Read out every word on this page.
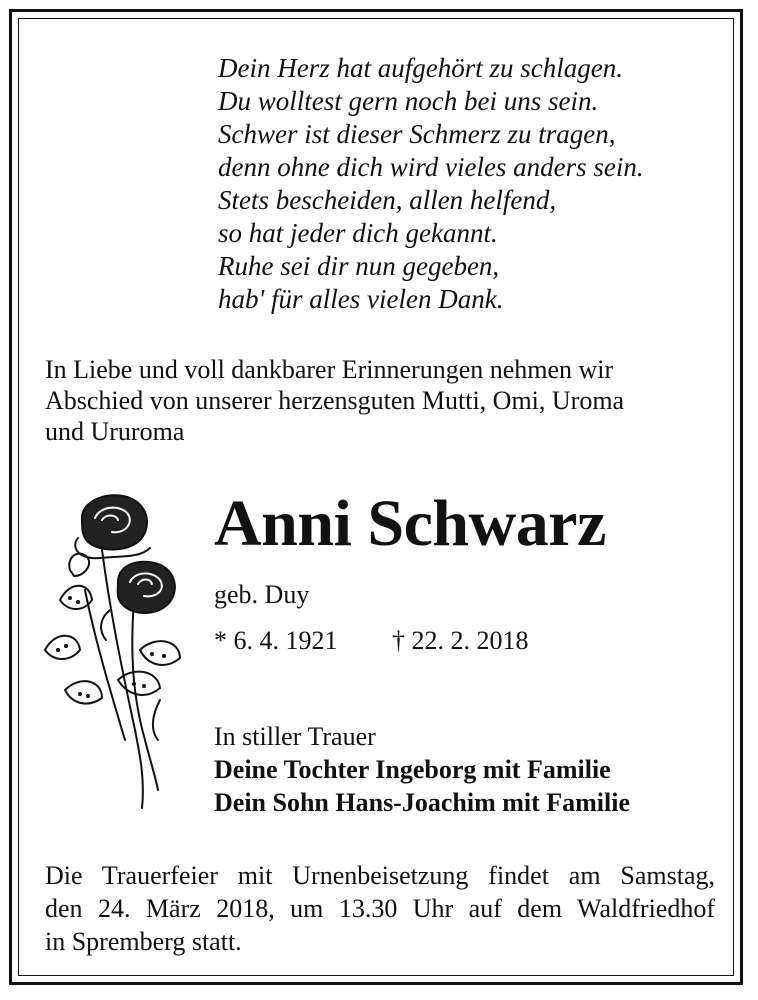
Dein Herz hat aufgehört zu schlagen.
Du wolltest gern noch bei uns sein.
Schwer ist dieser Schmerz zu tragen,
denn ohne dich wird vieles anders sein.
Stets bescheiden, allen helfend,
so hat jeder dich gekannt.
Ruhe sei dir nun gegeben,
hab' für alles vielen Dank.
In Liebe und voll dankbarer Erinnerungen nehmen wir
Abschied von unserer herzensguten Mutti, Omi, Uroma
und Ururoma
Anni Schwarz
geb. Duy
* 6. 4. 1921 † 22. 2. 2018
In stiller Trauer
Deine Tochter Ingeborg mit Familie
Dein Sohn Hans-Joachim mit Familie
Die Trauerfeier mit Urnenbeisetzung findet am Samstag,
den 24. März 2018, um 13.30 Uhr auf dem Waldfriedhof
in Spremberg statt.
